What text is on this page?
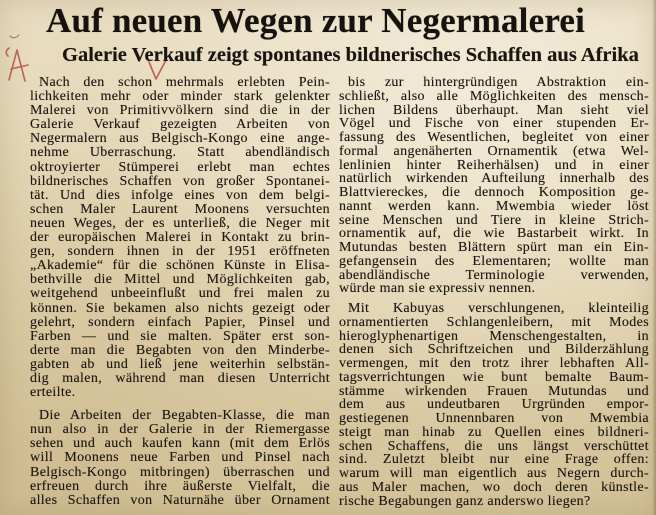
Auf neuen Wegen zur Negermalerei
Galerie Verkauf zeigt spontanes bildnerisches Schaffen aus Afrika
Nach den schon mehrmals erlebten Pein-
lichkeiten mehr oder minder stark gelenkter
Malerei von Primitivvölkern sind die in der
Galerie Verkauf gezeigten Arbeiten von
Negermalern aus Belgisch-Kongo eine ange-
nehme Überraschung. Statt abendländisch
oktroyierter Stümperei erlebt man echtes
bildnerisches Schaffen von großer Spontanei-
tät. Und dies infolge eines von dem belgi-
schen Maler Laurent Moonens versuchten
neuen Weges, der es unterließ, die Neger mit
der europäischen Malerei in Kontakt zu brin-
gen, sondern ihnen in der 1951 eröffneten
„Akademie“ für die schönen Künste in Elisa-
bethville die Mittel und Möglichkeiten gab,
weitgehend unbeeinflußt und frei malen zu
können. Sie bekamen also nichts gezeigt oder
gelehrt, sondern einfach Papier, Pinsel und
Farben — und sie malten. Später erst son-
derte man die Begabten von den Minderbe-
gabten ab und ließ jene weiterhin selbstän-
dig malen, während man diesen Unterricht
erteilte.
Die Arbeiten der Begabten-Klasse, die man
nun also in der Galerie in der Riemergasse
sehen und auch kaufen kann (mit dem Erlös
will Moonens neue Farben und Pinsel nach
Belgisch-Kongo mitbringen) überraschen und
erfreuen durch ihre äußerste Vielfalt, die
alles Schaffen von Naturnähe über Ornament
bis zur hintergründigen Abstraktion ein-
schließt, also alle Möglichkeiten des mensch-
lichen Bildens überhaupt. Man sieht viel
Vögel und Fische von einer stupenden Er-
fassung des Wesentlichen, begleitet von einer
formal angenäherten Ornamentik (etwa Wel-
lenlinien hinter Reiherhälsen) und in einer
natürlich wirkenden Aufteilung innerhalb des
Blattviereckes, die dennoch Komposition ge-
nannt werden kann. Mwembia wieder löst
seine Menschen und Tiere in kleine Strich-
ornamentik auf, die wie Bastarbeit wirkt. In
Mutundas besten Blättern spürt man ein Ein-
gefangensein des Elementaren; wollte man
abendländische Terminologie verwenden,
würde man sie expressiv nennen.
Mit Kabuyas verschlungenen, kleinteilig
ornamentierten Schlangenleibern, mit Modes
hieroglyphenartigen Menschengestalten, in
denen sich Schriftzeichen und Bilderzählung
vermengen, mit den trotz ihrer lebhaften All-
tagsverrichtungen wie bunt bemalte Baum-
stämme wirkenden Frauen Mutundas und
dem aus undeutbaren Urgründen empor-
gestiegenen Unnennbaren von Mwembia
steigt man hinab zu Quellen eines bildneri-
schen Schaffens, die uns längst verschüttet
sind. Zuletzt bleibt nur eine Frage offen:
warum will man eigentlich aus Negern durch-
aus Maler machen, wo doch deren künstle-
rische Begabungen ganz anderswo liegen?
